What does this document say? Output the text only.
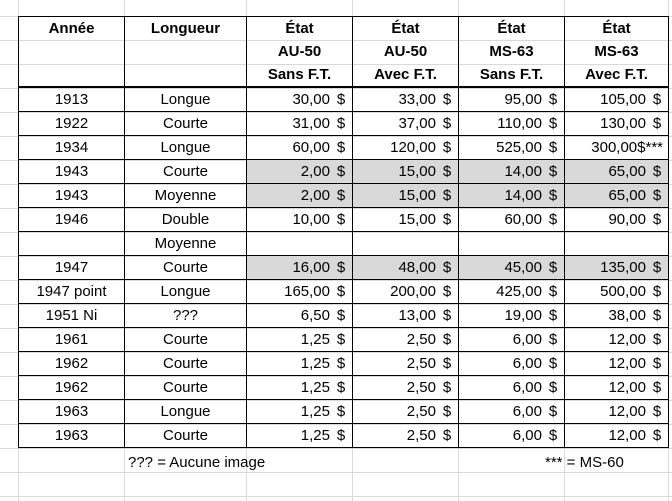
Année	Longueur	État	État	État	État
		AU-50	AU-50	MS-63	MS-63
		Sans F.T.	Avec F.T.	Sans F.T.	Avec F.T.
1913	Longue	30,00 $	33,00 $	95,00 $	105,00 $

1922	Courte	31,00 $	37,00 $	110,00 $	130,00 $

1934	Longue	60,00 $	120,00 $	525,00 $	300,00$***

1943	Courte	2,00 $	15,00 $	14,00 $	65,00 $

1943	Moyenne	2,00 $	15,00 $	14,00 $	65,00 $

1946	Double	10,00 $	15,00 $	60,00 $	90,00 $

	Moyenne				
1947	Courte	16,00 $	48,00 $	45,00 $	135,00 $

1947 point	Longue	165,00 $	200,00 $	425,00 $	500,00 $

1951 Ni	???	6,50 $	13,00 $	19,00 $	38,00 $

1961	Courte	1,25 $	2,50 $	6,00 $	12,00 $

1962	Courte	1,25 $	2,50 $	6,00 $	12,00 $

1962	Courte	1,25 $	2,50 $	6,00 $	12,00 $

1963	Longue	1,25 $	2,50 $	6,00 $	12,00 $

1963	Courte	1,25 $	2,50 $	6,00 $	12,00 $
??? = Aucune image	*** = MS-60
